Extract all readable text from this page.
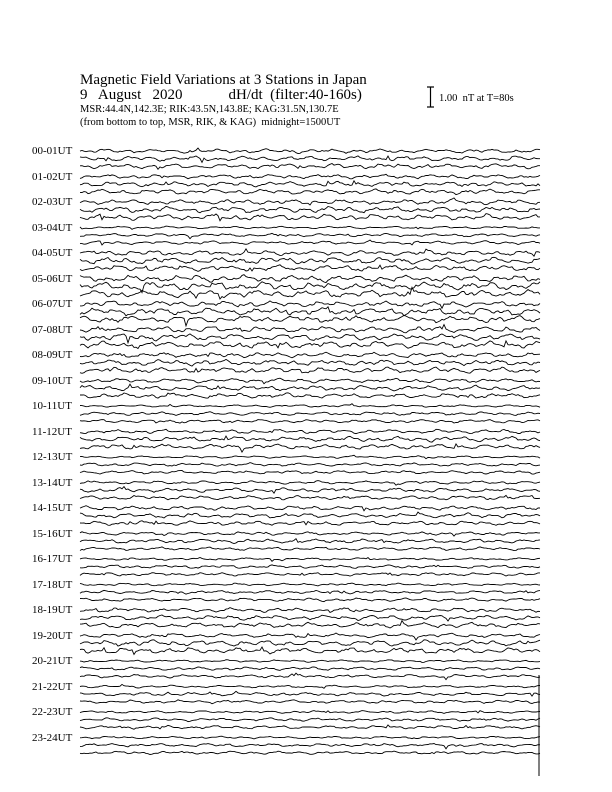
Magnetic Field Variations at 3 Stations in Japan
9   August   2020	dH/dt  (filter:40-160s)
MSR:44.4N,142.3E; RIK:43.5N,143.8E; KAG:31.5N,130.7E
(from bottom to top, MSR, RIK, & KAG)  midnight=1500UT
1.00  nT at T=80s
00-01UT
01-02UT
02-03UT
03-04UT
04-05UT
05-06UT
06-07UT
07-08UT
08-09UT
09-10UT
10-11UT
11-12UT
12-13UT
13-14UT
14-15UT
15-16UT
16-17UT
17-18UT
18-19UT
19-20UT
20-21UT
21-22UT
22-23UT
23-24UT
